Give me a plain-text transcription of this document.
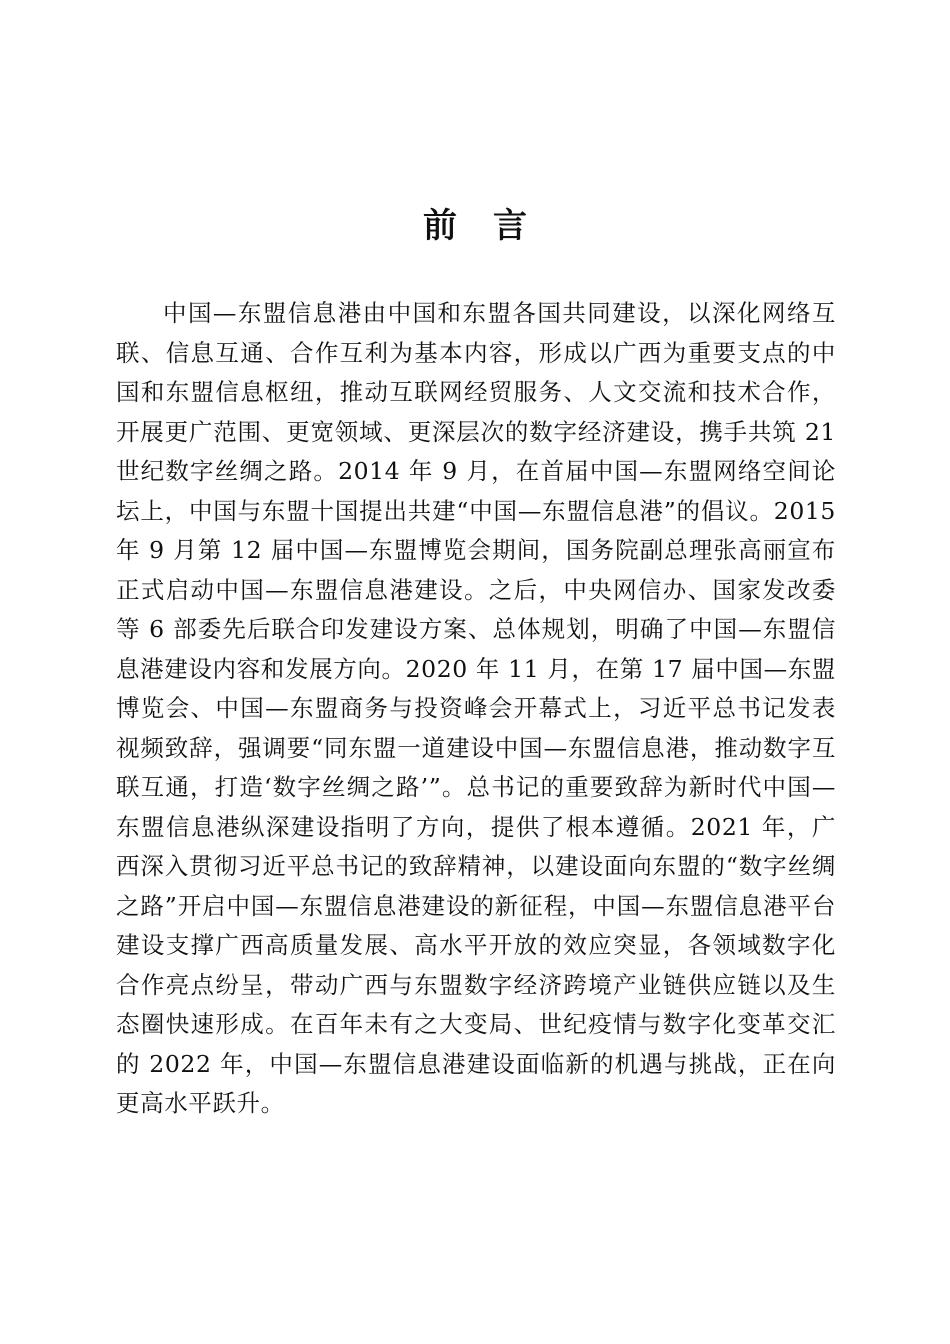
前 言

中国—东盟信息港由中国和东盟各国共同建设，以深化网络互联、信息互通、合作互利为基本内容，形成以广西为重要支点的中国和东盟信息枢纽，推动互联网经贸服务、人文交流和技术合作，开展更广范围、更宽领域、更深层次的数字经济建设，携手共筑 21 世纪数字丝绸之路。2014 年 9 月，在首届中国—东盟网络空间论坛上，中国与东盟十国提出共建“中国—东盟信息港”的倡议。2015 年 9 月第 12 届中国—东盟博览会期间，国务院副总理张高丽宣布正式启动中国—东盟信息港建设。之后，中央网信办、国家发改委等 6 部委先后联合印发建设方案、总体规划，明确了中国—东盟信息港建设内容和发展方向。2020 年 11 月，在第 17 届中国—东盟博览会、中国—东盟商务与投资峰会开幕式上，习近平总书记发表视频致辞，强调要“同东盟一道建设中国—东盟信息港，推动数字互联互通，打造‘数字丝绸之路’”。总书记的重要致辞为新时代中国—东盟信息港纵深建设指明了方向，提供了根本遵循。2021 年，广西深入贯彻习近平总书记的致辞精神，以建设面向东盟的“数字丝绸之路”开启中国—东盟信息港建设的新征程，中国—东盟信息港平台建设支撑广西高质量发展、高水平开放的效应突显，各领域数字化合作亮点纷呈，带动广西与东盟数字经济跨境产业链供应链以及生态圈快速形成。在百年未有之大变局、世纪疫情与数字化变革交汇的 2022 年，中国—东盟信息港建设面临新的机遇与挑战，正在向更高水平跃升。
